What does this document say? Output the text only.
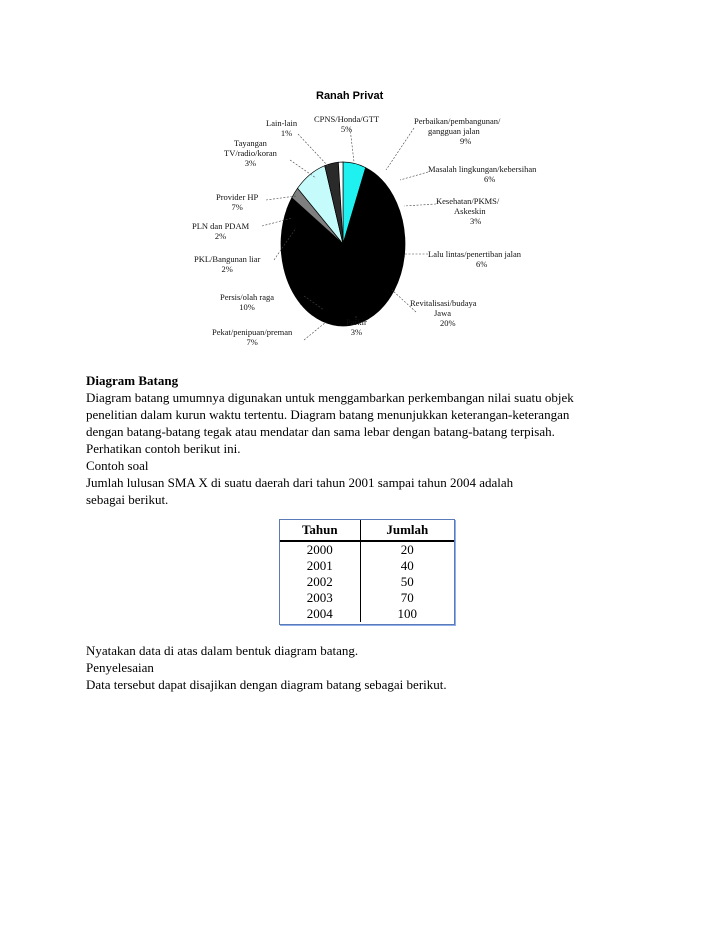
Ranah Privat
CPNS/Honda/GTT
5%
Lain-lain
1%
Tayangan
TV/radio/koran
3%
Provider HP
7%
PLN dan PDAM
2%
PKL/Bangunan liar
2%
Persis/olah raga
10%
Pekat/penipuan/preman
7%
Parkir
3%
Revitalisasi/budaya
Jawa
20%
Lalu lintas/penertiban jalan
6%
Kesehatan/PKMS/
Askeskin
3%
Masalah lingkungan/kebersihan
6%
Perbaikan/pembangunan/
gangguan jalan
9%
Diagram Batang
Diagram batang umumnya digunakan untuk menggambarkan perkembangan nilai suatu objek
penelitian dalam kurun waktu tertentu. Diagram batang menunjukkan keterangan-keterangan
dengan batang-batang tegak atau mendatar dan sama lebar dengan batang-batang terpisah.
Perhatikan contoh berikut ini.
Contoh soal
Jumlah lulusan SMA X di suatu daerah dari tahun 2001 sampai tahun 2004 adalah
sebagai berikut.
Tahun	Jumlah
2000	20
2001	40
2002	50
2003	70
2004	100
Nyatakan data di atas dalam bentuk diagram batang.
Penyelesaian
Data tersebut dapat disajikan dengan diagram batang sebagai berikut.
